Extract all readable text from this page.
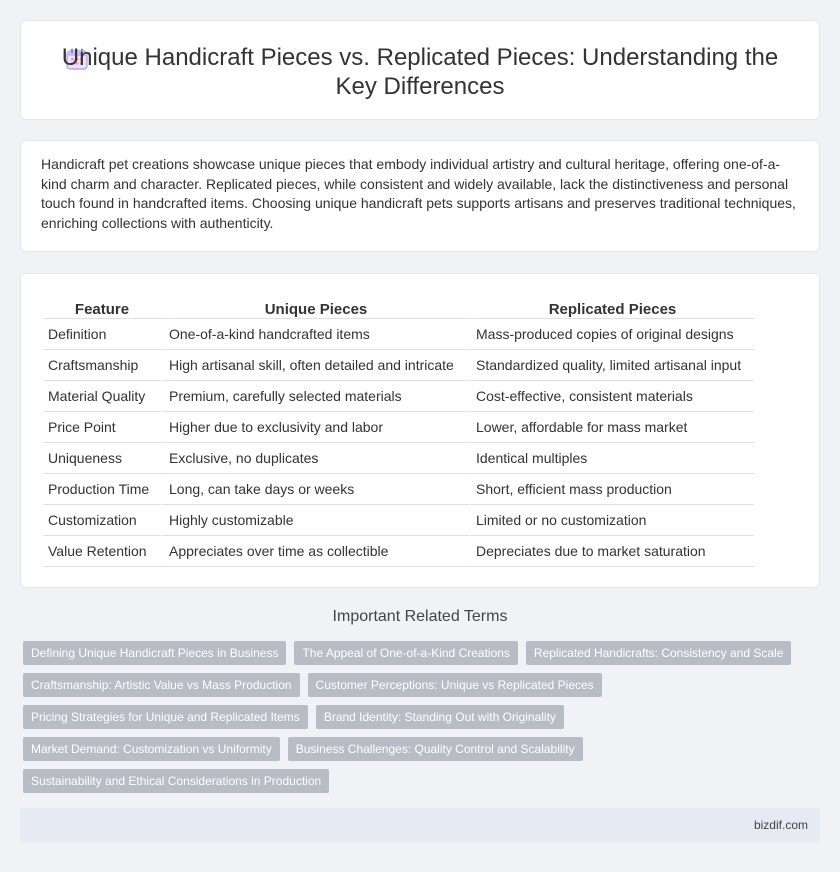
Unique Handicraft Pieces vs. Replicated Pieces: Understanding the Key Differences

Handicraft pet creations showcase unique pieces that embody individual artistry and cultural heritage, offering one-of-a-kind charm and character. Replicated pieces, while consistent and widely available, lack the distinctiveness and personal touch found in handcrafted items. Choosing unique handicraft pets supports artisans and preserves traditional techniques, enriching collections with authenticity.

Feature	Unique Pieces	Replicated Pieces
Definition	One-of-a-kind handcrafted items	Mass-produced copies of original designs
Craftsmanship	High artisanal skill, often detailed and intricate	Standardized quality, limited artisanal input
Material Quality	Premium, carefully selected materials	Cost-effective, consistent materials
Price Point	Higher due to exclusivity and labor	Lower, affordable for mass market
Uniqueness	Exclusive, no duplicates	Identical multiples
Production Time	Long, can take days or weeks	Short, efficient mass production
Customization	Highly customizable	Limited or no customization
Value Retention	Appreciates over time as collectible	Depreciates due to market saturation
Important Related Terms
Defining Unique Handicraft Pieces in Business	The Appeal of One-of-a-Kind Creations	Replicated Handicrafts: Consistency and Scale
Craftsmanship: Artistic Value vs Mass Production	Customer Perceptions: Unique vs Replicated Pieces
Pricing Strategies for Unique and Replicated Items	Brand Identity: Standing Out with Originality
Market Demand: Customization vs Uniformity	Business Challenges: Quality Control and Scalability
Sustainability and Ethical Considerations in Production
bizdif.com
